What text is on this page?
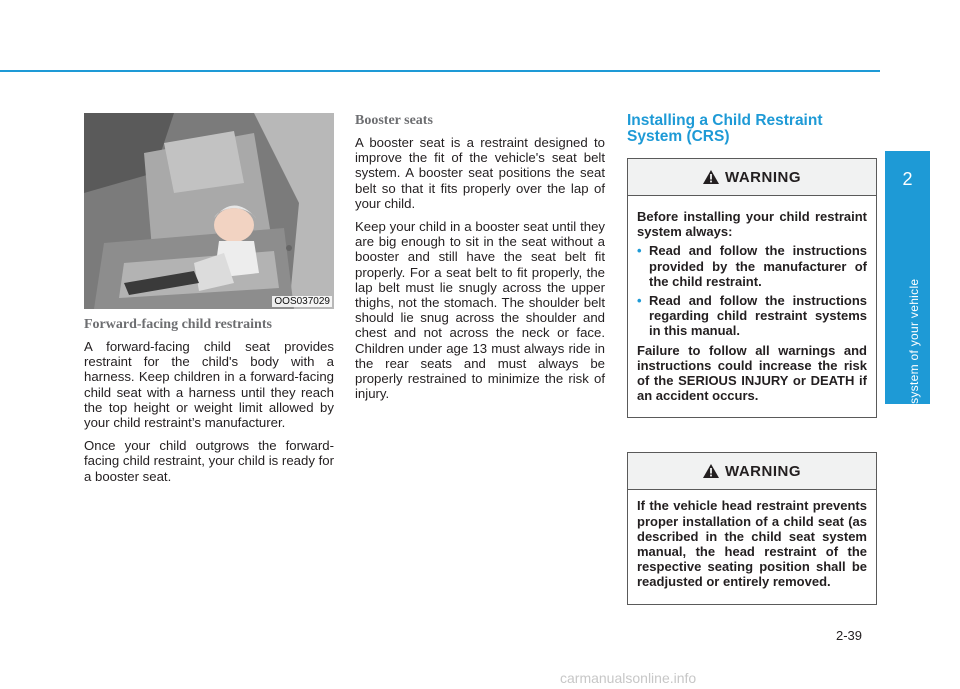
OOS037029
Forward-facing child restraints

A forward-facing child seat provides restraint for the child's body with a harness. Keep children in a forward-facing child seat with a harness until they reach the top height or weight limit allowed by your child restraint’s manufacturer.

Once your child outgrows the forward-facing child restraint, your child is ready for a booster seat.

Booster seats

A booster seat is a restraint designed to improve the fit of the vehicle's seat belt system. A booster seat positions the seat belt so that it fits properly over the lap of your child.

Keep your child in a booster seat until they are big enough to sit in the seat without a booster and still have the seat belt fit properly. For a seat belt to fit properly, the lap belt must lie snugly across the upper thighs, not the stomach. The shoulder belt should lie snug across the shoulder and chest and not across the neck or face. Children under age 13 must always ride in the rear seats and must always be properly restrained to minimize the risk of injury.

Installing a Child Restraint System (CRS)
WARNING

Before installing your child restraint system always:

• Read and follow the instructions provided by the manufacturer of the child restraint.
• Read and follow the instructions regarding child restraint systems in this manual.

Failure to follow all warnings and instructions could increase the risk of the SERIOUS INJURY or DEATH if an accident occurs.

WARNING

If the vehicle head restraint prevents proper installation of a child seat (as described in the child seat system manual, the head restraint of the respective seating position shall be readjusted or entirely removed.

2
Safety system of your vehicle
2-39
carmanualsonline.info
